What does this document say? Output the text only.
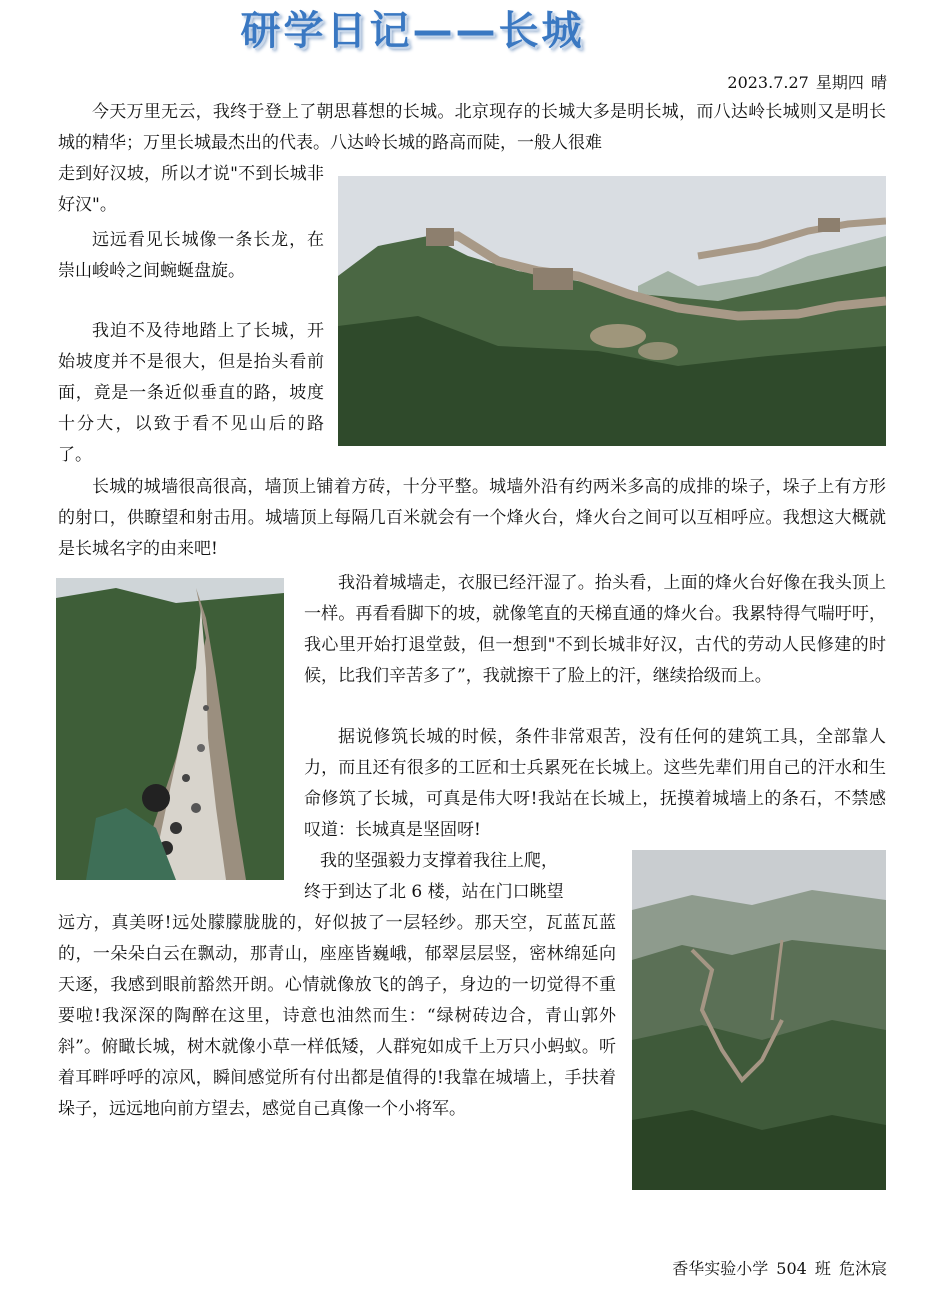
研学日记——长城
2023.7.27 星期四 晴

今天万里无云，我终于登上了朝思暮想的长城。北京现存的长城大多是明长城，而八达岭长城则又是明长城的精华；万里长城最杰出的代表。八达岭长城的路高而陡，一般人很难

走到好汉坡，所以才说"不到长城非好汉"。

远远看见长城像一条长龙，在崇山峻岭之间蜿蜒盘旋。

我迫不及待地踏上了长城，开始坡度并不是很大，但是抬头看前面，竟是一条近似垂直的路，坡度十分大，以致于看不见山后的路了。

长城的城墙很高很高，墙顶上铺着方砖，十分平整。城墙外沿有约两米多高的成排的垛子，垛子上有方形的射口，供瞭望和射击用。城墙顶上每隔几百米就会有一个烽火台，烽火台之间可以互相呼应。我想这大概就是长城名字的由来吧!

我沿着城墙走，衣服已经汗湿了。抬头看，上面的烽火台好像在我头顶上一样。再看看脚下的坡，就像笔直的天梯直通的烽火台。我累特得气喘吁吁，我心里开始打退堂鼓，但一想到"不到长城非好汉，古代的劳动人民修建的时候，比我们辛苦多了”，我就擦干了脸上的汗，继续拾级而上。

据说修筑长城的时候，条件非常艰苦，没有任何的建筑工具，全部靠人力，而且还有很多的工匠和士兵累死在长城上。这些先辈们用自己的汗水和生命修筑了长城，可真是伟大呀!我站在长城上，抚摸着城墙上的条石，不禁感叹道：长城真是坚固呀!

我的坚强毅力支撑着我往上爬，

终于到达了北 6 楼，站在门口眺望

远方，真美呀!远处朦朦胧胧的，好似披了一层轻纱。那天空，瓦蓝瓦蓝的，一朵朵白云在飘动，那青山，座座皆巍峨，郁翠层层竖，密林绵延向天逐，我感到眼前豁然开朗。心情就像放飞的鸽子，身边的一切觉得不重要啦!我深深的陶醉在这里，诗意也油然而生：“绿树砖边合，青山郭外斜”。俯瞰长城，树木就像小草一样低矮，人群宛如成千上万只小蚂蚁。听着耳畔呼呼的凉风，瞬间感觉所有付出都是值得的!我靠在城墙上，手扶着垛子，远远地向前方望去，感觉自己真像一个小将军。

香华实验小学 504 班 危沐宸
